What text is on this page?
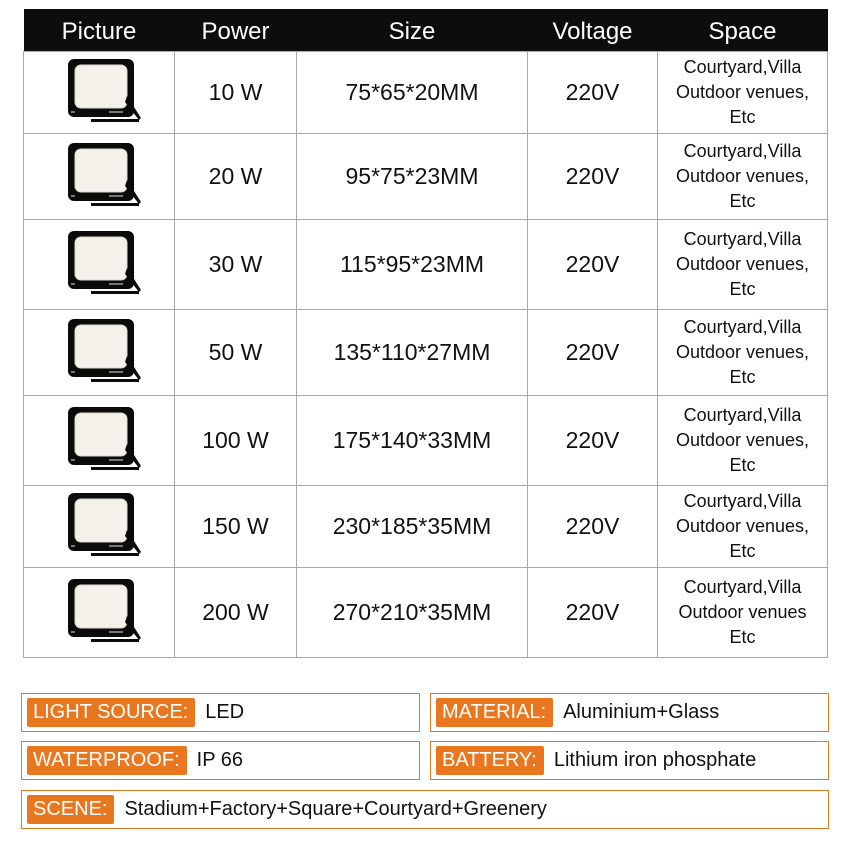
Picture	Power	Size	Voltage	Space

	10 W	75*65*20MM	220V	Courtyard,Villa
Outdoor venues,
Etc

	20 W	95*75*23MM	220V	Courtyard,Villa
Outdoor venues,
Etc

	30 W	115*95*23MM	220V	Courtyard,Villa
Outdoor venues,
Etc

	50 W	135*110*27MM	220V	Courtyard,Villa
Outdoor venues,
Etc

	100 W	175*140*33MM	220V	Courtyard,Villa
Outdoor venues,
Etc

	150 W	230*185*35MM	220V	Courtyard,Villa
Outdoor venues,
Etc

	200 W	270*210*35MM	220V	Courtyard,Villa
Outdoor venues
Etc
LIGHT SOURCE: LED	MATERIAL: Aluminium+Glass
WATERPROOF: IP 66	BATTERY: Lithium iron phosphate
SCENE: Stadium+Factory+Square+Courtyard+Greenery
